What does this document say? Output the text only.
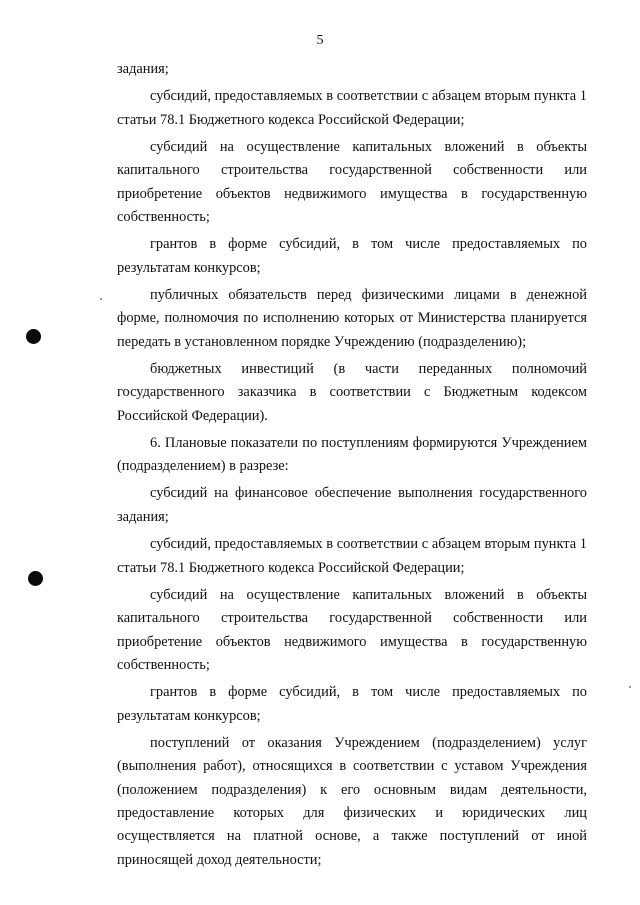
5

задания;

субсидий, предоставляемых в соответствии с абзацем вторым пункта 1 статьи 78.1 Бюджетного кодекса Российской Федерации;

субсидий на осуществление капитальных вложений в объекты капитального строительства государственной собственности или приобретение объектов недвижимого имущества в государственную собственность;

грантов в форме субсидий, в том числе предоставляемых по результатам конкурсов;

публичных обязательств перед физическими лицами в денежной форме, полномочия по исполнению которых от Министерства планируется передать в установленном порядке Учреждению (подразделению);

бюджетных инвестиций (в части переданных полномочий государственного заказчика в соответствии с Бюджетным кодексом Российской Федерации).

6. Плановые показатели по поступлениям формируются Учреждением (подразделением) в разрезе:

субсидий на финансовое обеспечение выполнения государственного задания;

субсидий, предоставляемых в соответствии с абзацем вторым пункта 1 статьи 78.1 Бюджетного кодекса Российской Федерации;

субсидий на осуществление капитальных вложений в объекты капитального строительства государственной собственности или приобретение объектов недвижимого имущества в государственную собственность;

грантов в форме субсидий, в том числе предоставляемых по результатам конкурсов;

поступлений от оказания Учреждением (подразделением) услуг (выполнения работ), относящихся в соответствии с уставом Учреждения (положением подразделения) к его основным видам деятельности, предоставление которых для физических и юридических лиц осуществляется на платной основе, а также поступлений от иной приносящей доход деятельности;
